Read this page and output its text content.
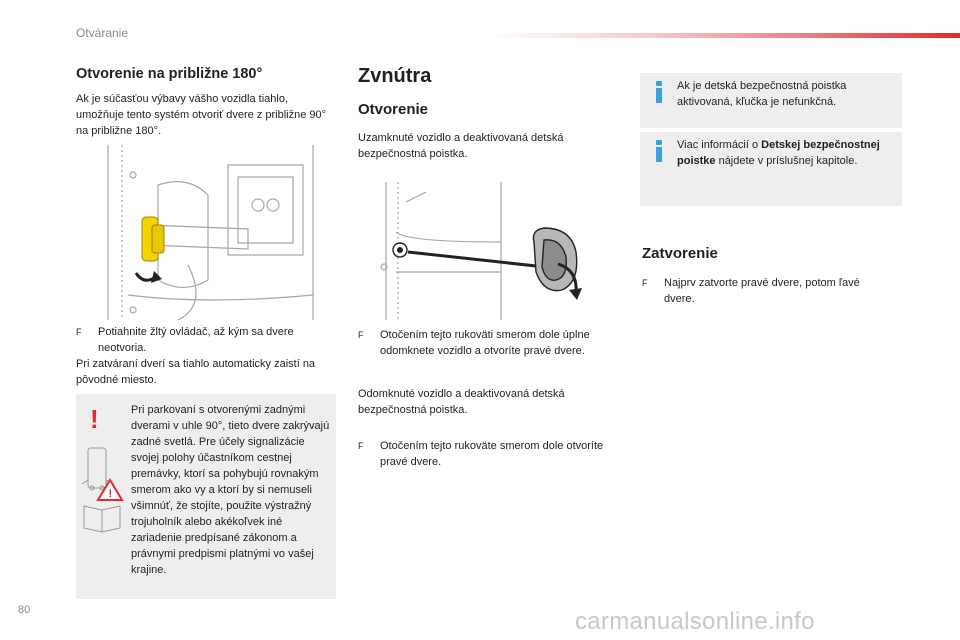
Otváranie
Otvorenie na približne 180°
Ak je súčasťou výbavy vášho vozidla tiahlo, umožňuje tento systém otvoriť dvere z približne 90° na približne 180°.
F	Potiahnite žltý ovládač, až kým sa dvere neotvoria.
Pri zatváraní dverí sa tiahlo automaticky zaistí na pôvodné miesto.
!
!
Pri parkovaní s otvorenými zadnými dverami v uhle 90°, tieto dvere zakrývajú zadné svetlá. Pre účely signalizácie svojej polohy účastníkom cestnej premávky, ktorí sa pohybujú rovnakým smerom ako vy a ktorí by si nemuseli všimnúť, že stojíte, použite výstražný trojuholník alebo akékoľvek iné zariadenie predpísané zákonom a právnymi predpismi platnými vo vašej krajine.
Zvnútra
Otvorenie
Uzamknuté vozidlo a deaktivovaná detská bezpečnostná poistka.
F	Otočením tejto rukoväti smerom dole úplne odomknete vozidlo a otvoríte pravé dvere.
Odomknuté vozidlo a deaktivovaná detská bezpečnostná poistka.
F	Otočením tejto rukoväte smerom dole otvoríte pravé dvere.
Ak je detská bezpečnostná poistka aktivovaná, kľučka je nefunkčná.
Viac informácií o Detskej bezpečnostnej poistke nájdete v príslušnej kapitole.
Zatvorenie
F	Najprv zatvorte pravé dvere, potom ľavé dvere.
80	carmanualsonline.info
